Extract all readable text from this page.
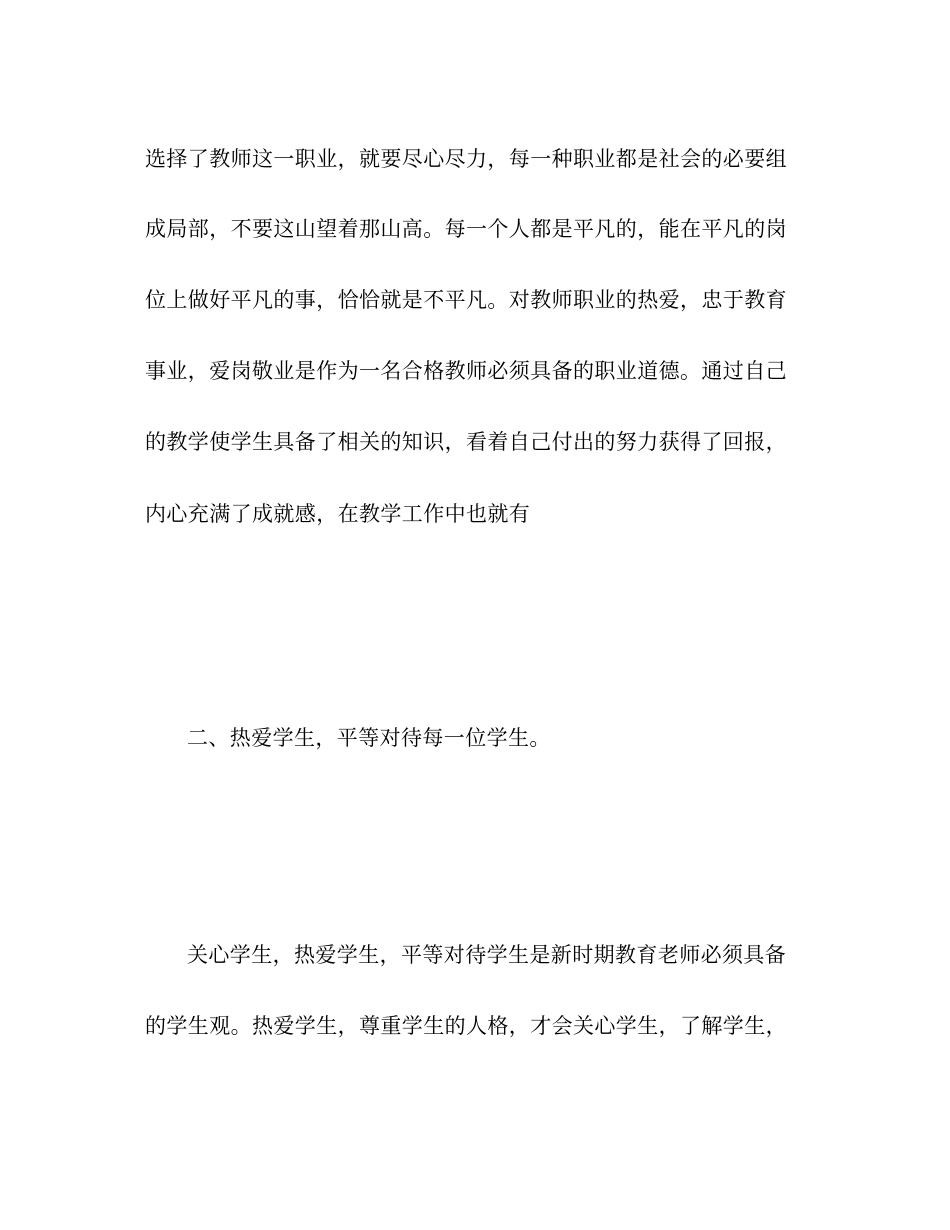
选择了教师这一职业，就要尽心尽力，每一种职业都是社会的必要组
成局部，不要这山望着那山高。每一个人都是平凡的，能在平凡的岗
位上做好平凡的事，恰恰就是不平凡。对教师职业的热爱，忠于教育
事业，爱岗敬业是作为一名合格教师必须具备的职业道德。通过自己
的教学使学生具备了相关的知识，看着自己付出的努力获得了回报，
内心充满了成就感，在教学工作中也就有
二、热爱学生，平等对待每一位学生。
关心学生，热爱学生，平等对待学生是新时期教育老师必须具备
的学生观。热爱学生，尊重学生的人格，才会关心学生，了解学生，
